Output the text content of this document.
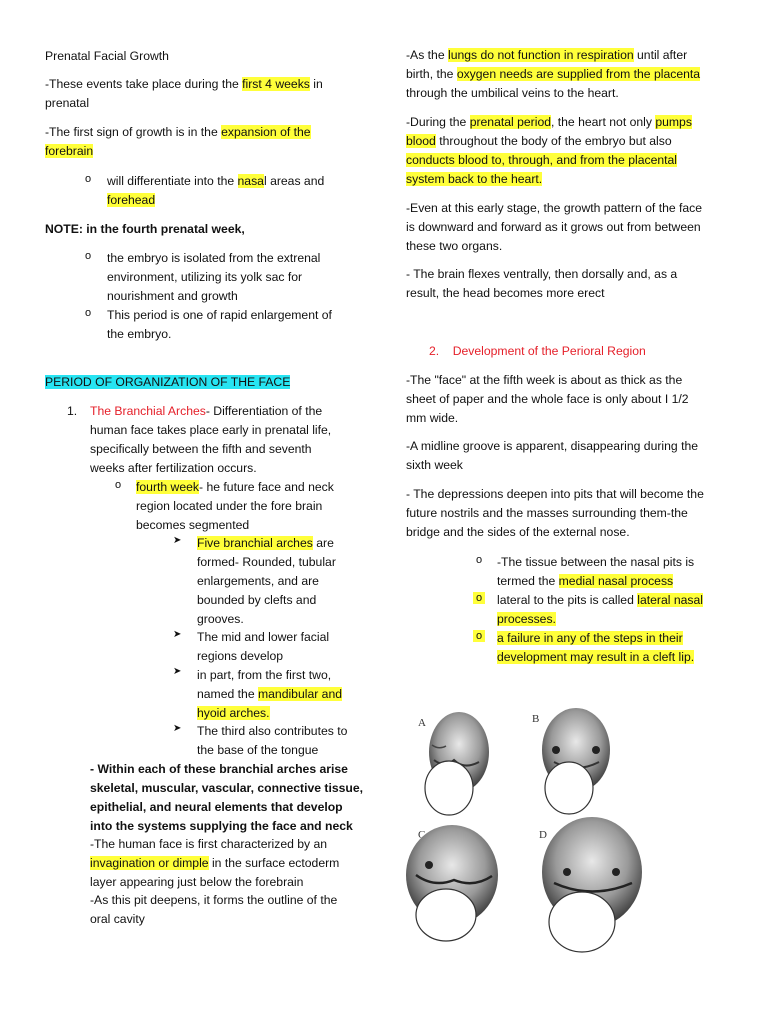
Prenatal Facial Growth

-These events take place during the first 4 weeks in
prenatal

-The first sign of growth is in the expansion of the
forebrain

o will differentiate into the nasal areas and
forehead

NOTE: in the fourth prenatal week,

o the embryo is isolated from the extrenal
environment, utilizing its yolk sac for
nourishment and growth

o This period is one of rapid enlargement of
the embryo.

PERIOD OF ORGANIZATION OF THE FACE

1. The Branchial Arches- Differentiation of the
human face takes place early in prenatal life,
specifically between the fifth and seventh
weeks after fertilization occurs.

o fourth week- he future face and neck
region located under the fore brain
becomes segmented

➤ Five branchial arches are
formed- Rounded, tubular
enlargements, and are
bounded by clefts and
grooves.

➤ The mid and lower facial
regions develop

➤ in part, from the first two,
named the mandibular and
hyoid arches.

➤ The third also contributes to
the base of the tongue

- Within each of these branchial arches arise
skeletal, muscular, vascular, connective tissue,
epithelial, and neural elements that develop
into the systems supplying the face and neck

-The human face is first characterized by an
invagination or dimple in the surface ectoderm
layer appearing just below the forebrain

-As this pit deepens, it forms the outline of the
oral cavity

-As the lungs do not function in respiration until after
birth, the oxygen needs are supplied from the placenta
through the umbilical veins to the heart.

-During the prenatal period, the heart not only pumps
blood throughout the body of the embryo but also
conducts blood to, through, and from the placental
system back to the heart.

-Even at this early stage, the growth pattern of the face
is downward and forward as it grows out from between
these two organs.

- The brain flexes ventrally, then dorsally and, as a
result, the head becomes more erect

2.    Development of the Perioral Region

-The "face" at the fifth week is about as thick as the
sheet of paper and the whole face is only about I 1/2
mm wide.

-A midline groove is apparent, disappearing during the
sixth week

- The depressions deepen into pits that will become the
future nostrils and the masses surrounding them-the
bridge and the sides of the external nose.

o -The tissue between the nasal pits is
termed the medial nasal process

o lateral to the pits is called lateral nasal
processes.

o a failure in any of the steps in their
development may result in a cleft lip.

A	B
C	D
